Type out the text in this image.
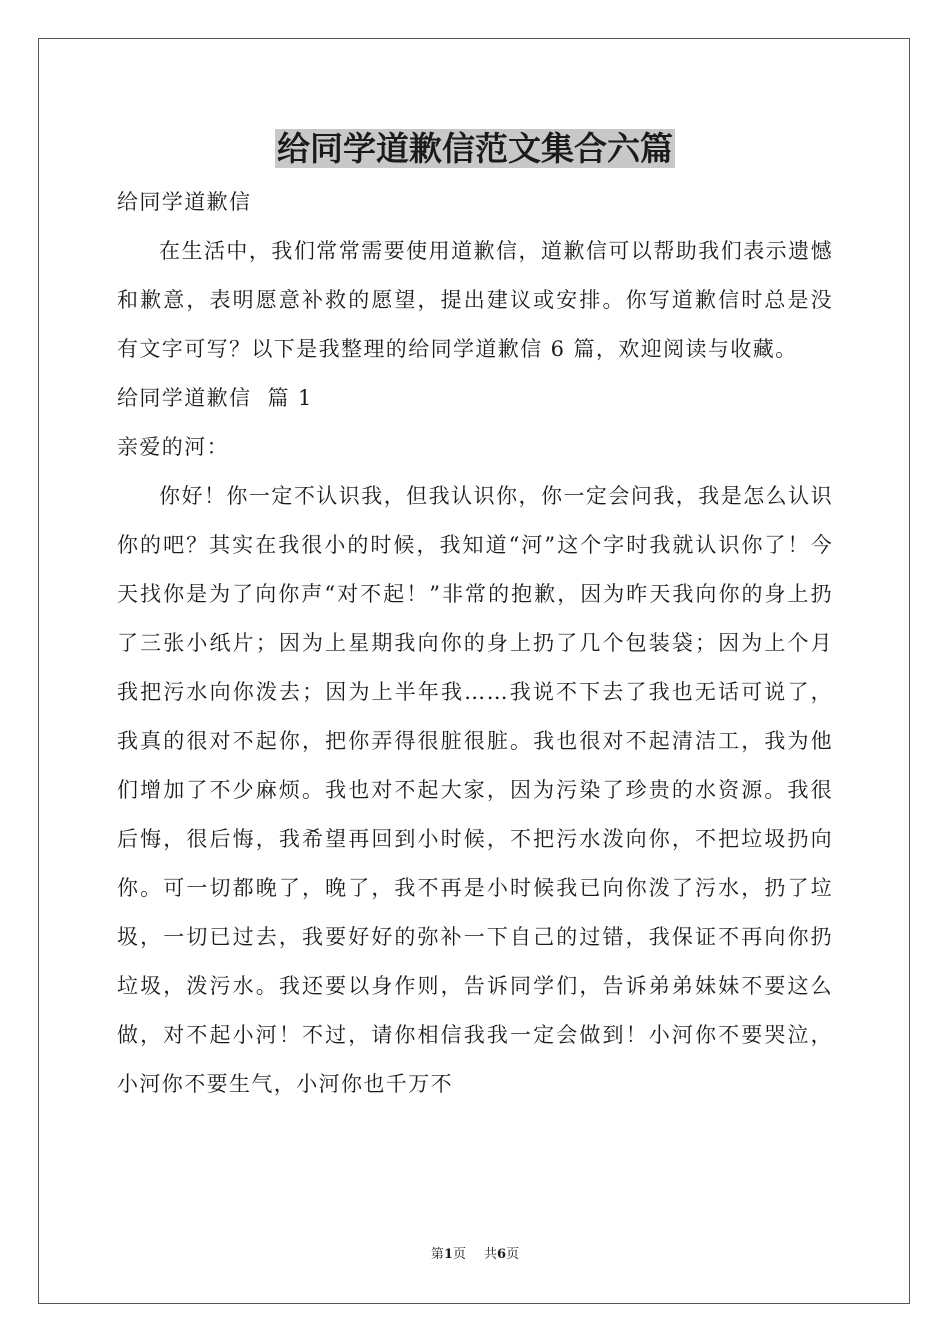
给同学道歉信范文集合六篇

给同学道歉信

在生活中，我们常常需要使用道歉信，道歉信可以帮助我们表示遗憾和歉意，表明愿意补救的愿望，提出建议或安排。你写道歉信时总是没有文字可写？以下是我整理的给同学道歉信 6 篇，欢迎阅读与收藏。

给同学道歉信  篇 1

亲爱的河：

你好！你一定不认识我，但我认识你，你一定会问我，我是怎么认识你的吧？其实在我很小的时候，我知道“河”这个字时我就认识你了！今天找你是为了向你声“对不起！”非常的抱歉，因为昨天我向你的身上扔了三张小纸片；因为上星期我向你的身上扔了几个包装袋；因为上个月我把污水向你泼去；因为上半年我……我说不下去了我也无话可说了，我真的很对不起你，把你弄得很脏很脏。我也很对不起清洁工，我为他们增加了不少麻烦。我也对不起大家，因为污染了珍贵的水资源。我很后悔，很后悔，我希望再回到小时候，不把污水泼向你，不把垃圾扔向你。可一切都晚了，晚了，我不再是小时候我已向你泼了污水，扔了垃圾，一切已过去，我要好好的弥补一下自己的过错，我保证不再向你扔垃圾，泼污水。我还要以身作则，告诉同学们，告诉弟弟妹妹不要这么做，对不起小河！不过，请你相信我我一定会做到！小河你不要哭泣，小河你不要生气，小河你也千万不

第1页 共6页
